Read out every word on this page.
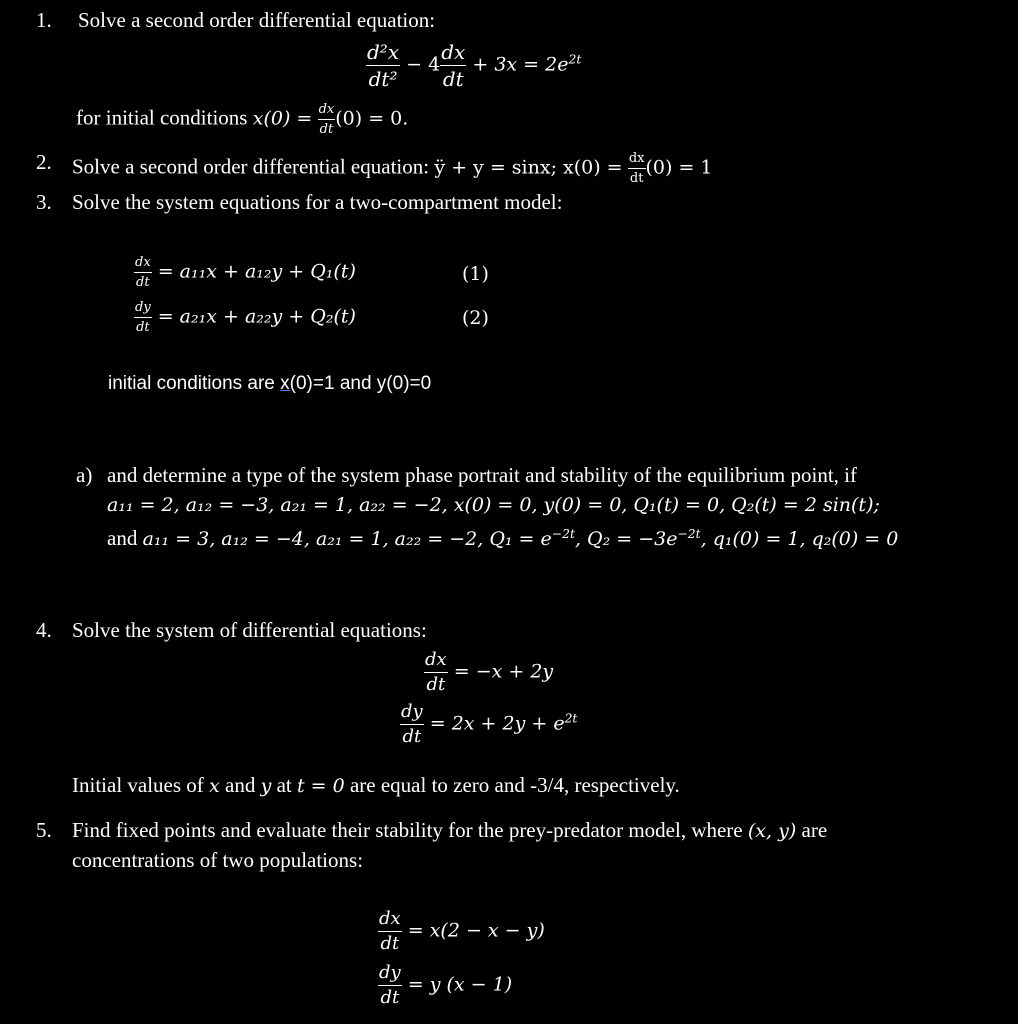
1. Solve a second order differential equation:
$\frac{\text{d²x}}{\text{dt²}} - 4 \frac{dx}{dt} + 3x = 2e^{2t}$
for initial conditions $x(0) = \frac{dx}{dt} (0) = 0$.
2. Solve a second order differential equation: ÿ + y = sinx; $x(0) = \frac{dx}{dt} (0) = 1$
3. Solve the system equations for a two-compartment model:
$\frac{dx}{dt} = a_{11}x + a_{12}y + Q_1(t)$	(1)
$\frac{dy}{dt} = a_{21}x + a_{22}y + Q_2(t)$	(2)
initial conditions are x(0)=1 and y(0)=0
a) and determine a type of the system phase portrait and stability of the equilibrium point, if
a₁₁ = 2, a₁₂ = −3, a₂₁ = 1, a₂₂ = −2, x(0) = 0, y(0) = 0, Q₁(t) = 0, Q₂(t) = 2 sin(t);
and a₁₁ = 3, a₁₂ = −4, a₂₁ = 1, a₂₂ = −2, $Q_1 = e^{-2t}$, $Q_2 = -3e^{-2t}$, q₁(0) = 1, q₂(0) = 0
4. Solve the system of differential equations:
$\frac{dx}{dt} = -x + 2y$
$\frac{dy}{dt} = 2x + 2y + e^{2t}$
Initial values of x and y at t = 0 are equal to zero and -3/4, respectively.
5. Find fixed points and evaluate their stability for the prey-predator model, where (x, y) are
concentrations of two populations:
$\frac{dx}{dt} = x(2 - x - y)$
$\frac{dy}{dt} = y$ (x − 1)
